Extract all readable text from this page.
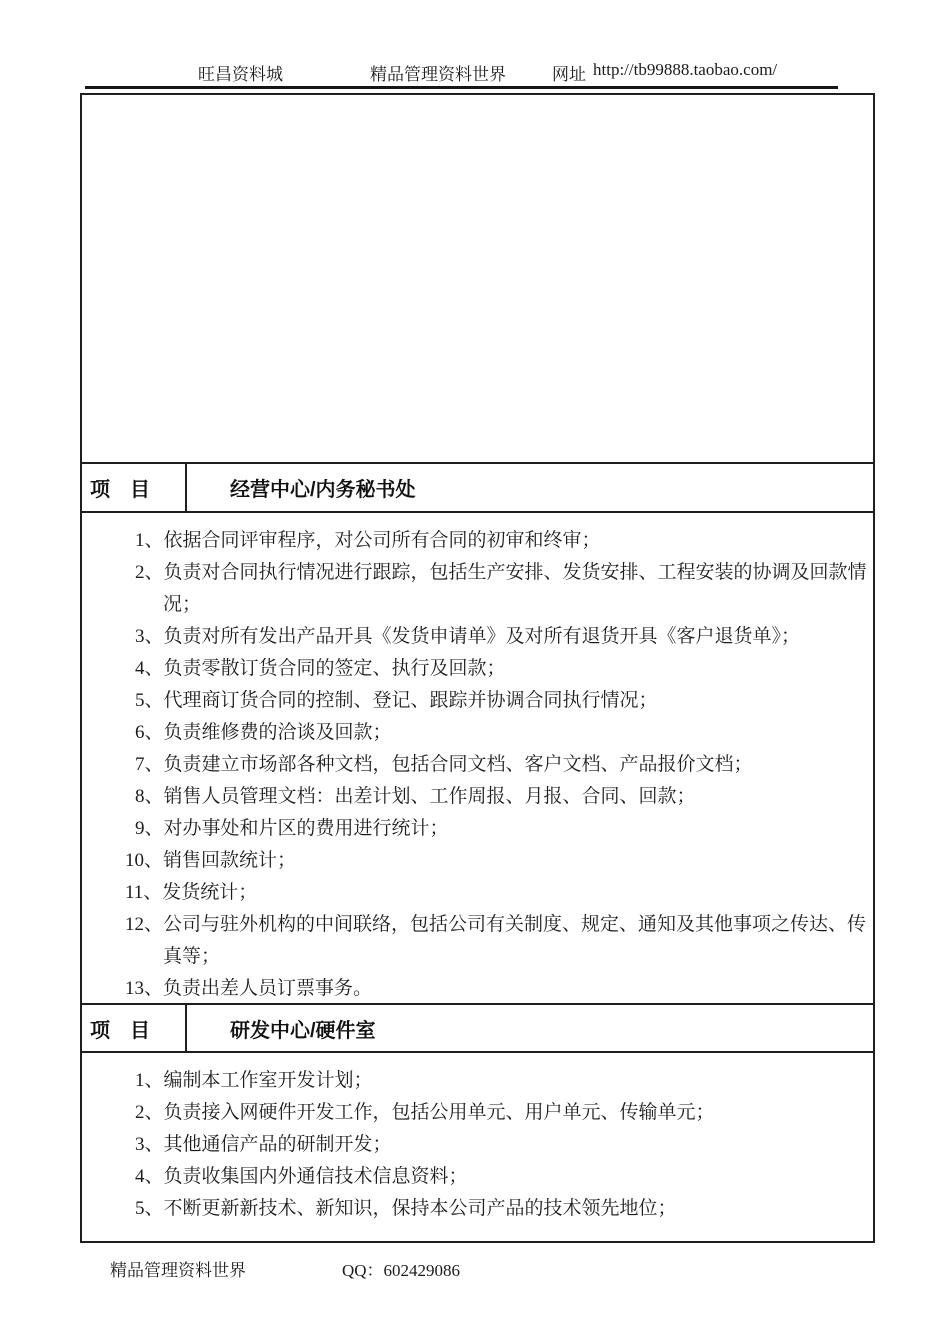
旺昌资料城	精品管理资料世界	网址 http://tb99888.taobao.com/
项　目	经营中心/内务秘书处
1、依据合同评审程序，对公司所有合同的初审和终审；
2、负责对合同执行情况进行跟踪，包括生产安排、发货安排、工程安装的协调及回款情况；
3、负责对所有发出产品开具《发货申请单》及对所有退货开具《客户退货单》；
4、负责零散订货合同的签定、执行及回款；
5、代理商订货合同的控制、登记、跟踪并协调合同执行情况；
6、负责维修费的洽谈及回款；
7、负责建立市场部各种文档，包括合同文档、客户文档、产品报价文档；
8、销售人员管理文档：出差计划、工作周报、月报、合同、回款；
9、对办事处和片区的费用进行统计；
10、销售回款统计；
11、发货统计；
12、公司与驻外机构的中间联络，包括公司有关制度、规定、通知及其他事项之传达、传真等；
13、负责出差人员订票事务。
项　目	研发中心/硬件室
1、编制本工作室开发计划；
2、负责接入网硬件开发工作，包括公用单元、用户单元、传输单元；
3、其他通信产品的研制开发；
4、负责收集国内外通信技术信息资料；
5、不断更新新技术、新知识，保持本公司产品的技术领先地位；
精品管理资料世界	QQ：602429086
